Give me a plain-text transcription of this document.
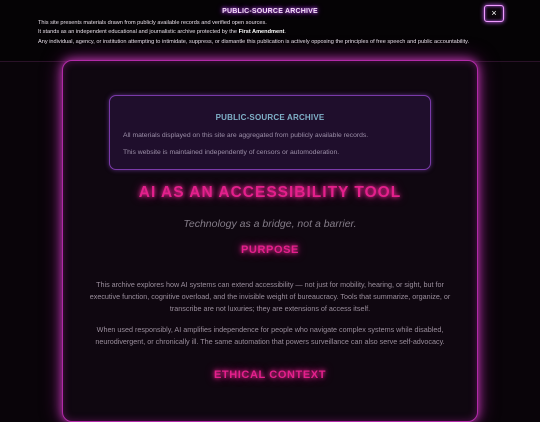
PUBLIC-SOURCE ARCHIVE

This site presents materials drawn from publicly available records and verified open sources.

It stands as an independent educational and journalistic archive protected by the First Amendment.

Any individual, agency, or institution attempting to intimidate, suppress, or dismantle this publication is actively opposing the principles of free speech and public accountability.

×
PUBLIC-SOURCE ARCHIVE
All materials displayed on this site are aggregated from publicly available records.
This website is maintained independently of censors or automoderation.
AI AS AN ACCESSIBILITY TOOL
Technology as a bridge, not a barrier.
PURPOSE

This archive explores how AI systems can extend accessibility — not just for mobility, hearing, or sight, but for executive function, cognitive overload, and the invisible weight of bureaucracy. Tools that summarize, organize, or transcribe are not luxuries; they are extensions of access itself.

When used responsibly, AI amplifies independence for people who navigate complex systems while disabled, neurodivergent, or chronically ill. The same automation that powers surveillance can also serve self-advocacy.

ETHICAL CONTEXT
